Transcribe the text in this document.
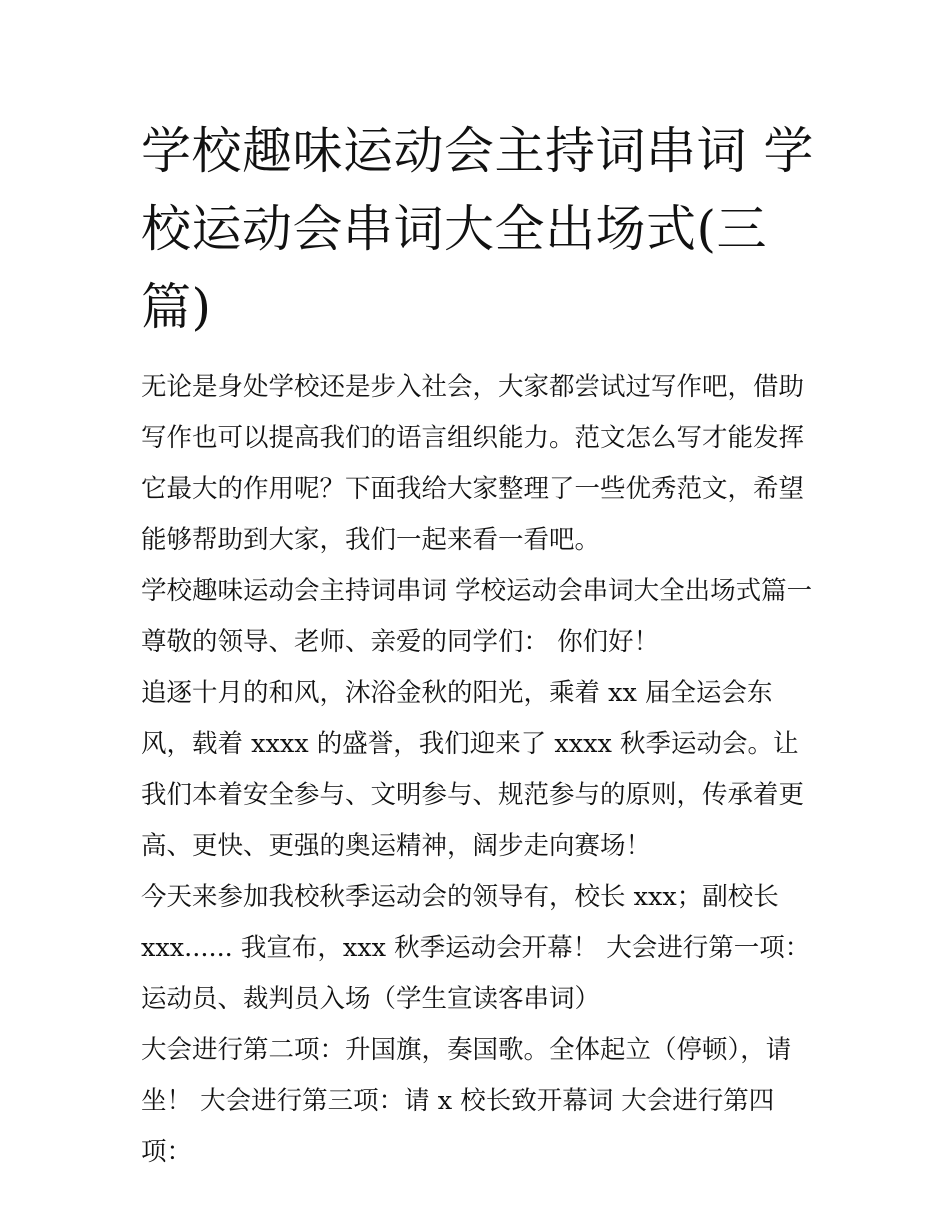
学校趣味运动会主持词串词 学校运动会串词大全出场式(三篇)

无论是身处学校还是步入社会，大家都尝试过写作吧，借助写作也可以提高我们的语言组织能力。范文怎么写才能发挥它最大的作用呢？下面我给大家整理了一些优秀范文，希望能够帮助到大家，我们一起来看一看吧。

学校趣味运动会主持词串词 学校运动会串词大全出场式篇一

尊敬的领导、老师、亲爱的同学们： 你们好！

追逐十月的和风，沐浴金秋的阳光，乘着 xx 届全运会东风，载着 xxxx 的盛誉，我们迎来了 xxxx 秋季运动会。让我们本着安全参与、文明参与、规范参与的原则，传承着更高、更快、更强的奥运精神，阔步走向赛场！

今天来参加我校秋季运动会的领导有，校长 xxx；副校长 xxx...... 我宣布，xxx 秋季运动会开幕！ 大会进行第一项：运动员、裁判员入场（学生宣读客串词）

大会进行第二项：升国旗，奏国歌。全体起立（停顿），请坐！ 大会进行第三项：请 x 校长致开幕词 大会进行第四项：
